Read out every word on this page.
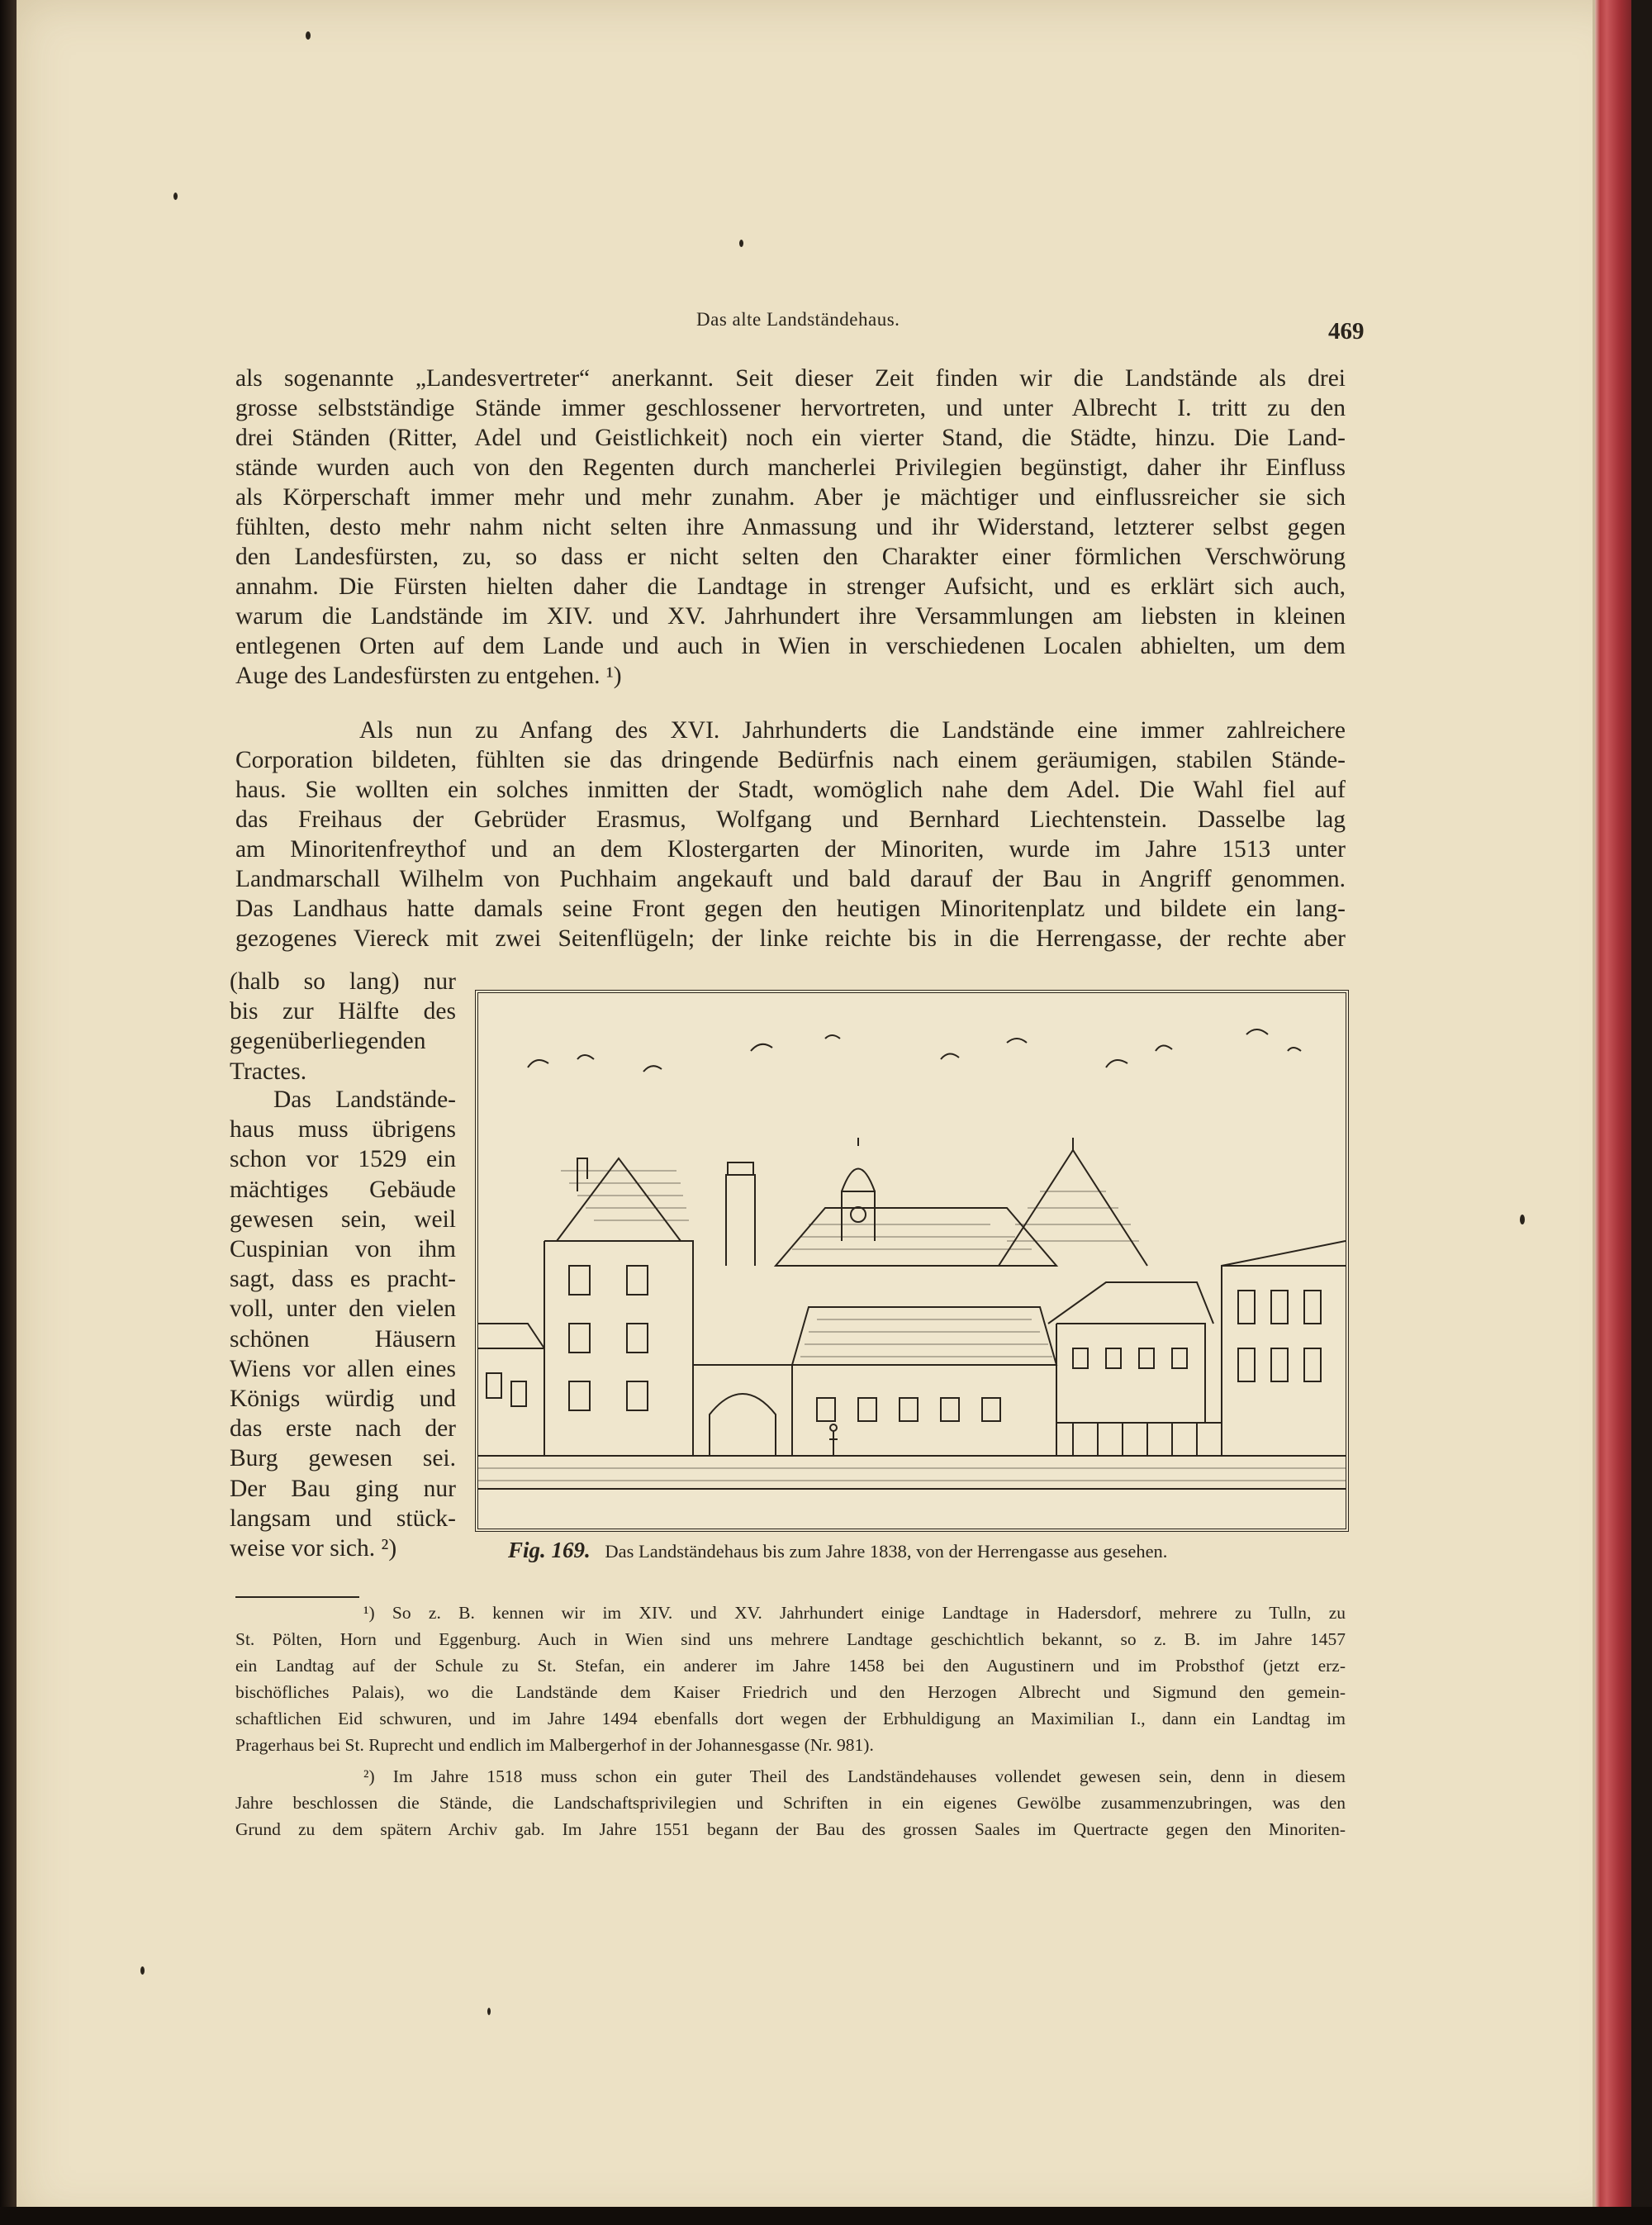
Das alte Landständehaus.	469
als sogenannte „Landesvertreter“ anerkannt. Seit dieser Zeit finden wir die Landstände als drei
grosse selbstständige Stände immer geschlossener hervortreten, und unter Albrecht I. tritt zu den
drei Ständen (Ritter, Adel und Geistlichkeit) noch ein vierter Stand, die Städte, hinzu. Die Land-
stände wurden auch von den Regenten durch mancherlei Privilegien begünstigt, daher ihr Einfluss
als Körperschaft immer mehr und mehr zunahm. Aber je mächtiger und einflussreicher sie sich
fühlten, desto mehr nahm nicht selten ihre Anmassung und ihr Widerstand, letzterer selbst gegen
den Landesfürsten, zu, so dass er nicht selten den Charakter einer förmlichen Verschwörung
annahm. Die Fürsten hielten daher die Landtage in strenger Aufsicht, und es erklärt sich auch,
warum die Landstände im XIV. und XV. Jahrhundert ihre Versammlungen am liebsten in kleinen
entlegenen Orten auf dem Lande und auch in Wien in verschiedenen Localen abhielten, um dem
Auge des Landesfürsten zu entgehen. ¹)
Als nun zu Anfang des XVI. Jahrhunderts die Landstände eine immer zahlreichere
Corporation bildeten, fühlten sie das dringende Bedürfnis nach einem geräumigen, stabilen Stände-
haus. Sie wollten ein solches inmitten der Stadt, womöglich nahe dem Adel. Die Wahl fiel auf
das Freihaus der Gebrüder Erasmus, Wolfgang und Bernhard Liechtenstein. Dasselbe lag
am Minoritenfreythof und an dem Klostergarten der Minoriten, wurde im Jahre 1513 unter
Landmarschall Wilhelm von Puchhaim angekauft und bald darauf der Bau in Angriff genommen.
Das Landhaus hatte damals seine Front gegen den heutigen Minoritenplatz und bildete ein lang-
gezogenes Viereck mit zwei Seitenflügeln; der linke reichte bis in die Herrengasse, der rechte aber
(halb so lang) nur
bis zur Hälfte des
gegenüberliegenden
Tractes.
Das Landstände-
haus muss übrigens
schon vor 1529 ein
mächtiges Gebäude
gewesen sein, weil
Cuspinian von ihm
sagt, dass es pracht-
voll, unter den vielen
schönen Häusern
Wiens vor allen eines
Königs würdig und
das erste nach der
Burg gewesen sei.
Der Bau ging nur
langsam und stück-
weise vor sich. ²)	Fig. 169. Das Landständehaus bis zum Jahre 1838, von der Herrengasse aus gesehen.
¹) So z. B. kennen wir im XIV. und XV. Jahrhundert einige Landtage in Hadersdorf, mehrere zu Tulln, zu
St. Pölten, Horn und Eggenburg. Auch in Wien sind uns mehrere Landtage geschichtlich bekannt, so z. B. im Jahre 1457
ein Landtag auf der Schule zu St. Stefan, ein anderer im Jahre 1458 bei den Augustinern und im Probsthof (jetzt erz-
bischöfliches Palais), wo die Landstände dem Kaiser Friedrich und den Herzogen Albrecht und Sigmund den gemein-
schaftlichen Eid schwuren, und im Jahre 1494 ebenfalls dort wegen der Erbhuldigung an Maximilian I., dann ein Landtag im
Pragerhaus bei St. Ruprecht und endlich im Malbergerhof in der Johannesgasse (Nr. 981).
²) Im Jahre 1518 muss schon ein guter Theil des Landständehauses vollendet gewesen sein, denn in diesem
Jahre beschlossen die Stände, die Landschaftsprivilegien und Schriften in ein eigenes Gewölbe zusammenzubringen, was den
Grund zu dem spätern Archiv gab. Im Jahre 1551 begann der Bau des grossen Saales im Quertracte gegen den Minoriten-
